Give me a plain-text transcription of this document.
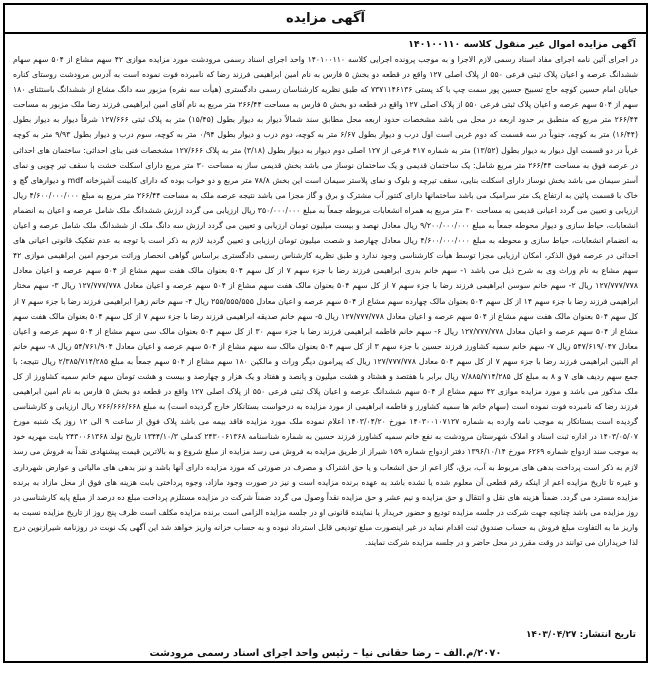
آگهی مزایده
آگهی مزایده اموال غیر منقول کلاسه ۱۴۰۱۰۰۱۱۰
در اجرای آئین نامه اجرای مفاد اسناد رسمی لازم الاجرا و به موجب پرونده اجرایی کلاسه ۱۴۰۱۰۰۱۱۰ واحد اجرای اسناد رسمی مرودشت مورد مزایده موازی ۴۲ سهم مشاع از ۵۰۴ سهم سهام ششدانگ عرصه و اعیان پلاک ثبتی فرعی ۵۵۰ از پلاک اصلی ۱۲۷ واقع در قطعه دو بخش ۵ فارس به نام امین ابراهیمی فرزند رضا که نامبرده فوت نموده است به آدرس مرودشت روستای کناره خیابان امام حسین کوچه حاج تسبیح حسین پور سمت چپ با کد پستی ۷۳۷۱۱۴۶۱۳۶ که طبق نظریه کارشناسان رسمی دادگستری (هیأت سه نفره) مزبور سه دانگ مشاع از ششدانگ باستثنای ۱۸۰ سهم از ۵۰۴ سهم عرصه و اعیان پلاک ثبتی فرعی ۵۵۰ از پلاک اصلی ۱۲۷ واقع در قطعه دو بخش ۵ فارس به مساحت ۲۶۶/۴۴ متر مربع به نام آقای امین ابراهیمی فرزند رضا ملک مزبور به مساحت ۲۶۶/۴۴ متر مربع که منطبق بر حدود اربعه در محل می باشد مشخصات حدود اربعه محل مطابق سند شمالاً دیوار به دیوار بطول (۱۵/۴۵) متر به پلاک ثبتی ۱۲۷/۶۶۶ شرقاً دیوار به دیوار بطول (۱۶/۴۴) متر به کوچه، جنوباً در سه قسمت که دوم غربی است اول درب و دیوار بطول ۶/۶۷ متر به کوچه، دوم درب و دیوار بطول ۰/۹۴ متر به کوچه، سوم درب و دیوار بطول ۹/۹۳ متر به کوچه غرباً در دو قسمت اول دیوار به دیوار بطول (۱۳/۵۲) متر به شماره ۴۱۷ فرعی از ۱۲۷ اصلی دوم دیوار به دیوار بطول (۳/۱۸) متر به پلاک ۱۲۷/۶۶۶ مشخصات فنی بنای احداثی: ساختمان های احداثی در عرصه فوق به مساحت ۲۶۶/۴۴ متر مربع شامل: یک ساختمان قدیمی و یک ساختمان نوساز می باشد بخش قدیمی ساز به مساحت ۳۰ متر مربع دارای اسکلت خشت با سقف تیر چوبی و نمای آستر سیمان می باشد بخش نوساز دارای اسکلت بنایی، سقف تیرچه و بلوک و نمای پلاستر سیمان است این بخش ۷۸/۸ متر مربع و دو خواب بوده که دارای کابینت آشپزخانه mdf و دیوارهای گچ و خاک با قسمت پائین به ارتفاع یک متر سرامیک می باشد ساختمانها دارای کنتور آب مشترک و برق و گاز مجزا می باشد نتیجه عرصه ملک به مساحت ۲۶۶/۴۴ متر مربع به مبلغ ۴/۶۰۰/۰۰۰/۰۰۰ ریال ارزیابی و تعیین می گردد اعیانی قدیمی به مساحت ۳۰ متر مربع به همراه انشعابات مربوطه جمعاً به مبلغ ۳۵۰/۰۰۰/۰۰۰ ریال ارزیابی می گردد ارزش ششدانگ ملک شامل عرصه و اعیان به انضمام انشعابات، حیاط سازی و دیوار محوطه جمعاً به مبلغ ۹/۲۰۰/۰۰۰/۰۰۰ ریال معادل نهصد و بیست میلیون تومان ارزیابی و تعیین می گردد ارزش سه دانگ ملک از ششدانگ ملک شامل عرصه و اعیان به انضمام انشعابات، حیاط سازی و محوطه به مبلغ ۴/۶۰۰/۰۰۰/۰۰۰ ریال معادل چهارصد و شصت میلیون تومان ارزیابی و تعیین گردید لازم به ذکر است با توجه به عدم تفکیک قانونی اعیانی های احداثی در عرصه فوق الذکر، امکان ارزیابی مجزا توسط هیأت کارشناسی وجود ندارد و طبق نظریه کارشناس رسمی دادگستری براساس گواهی انحصار وراثت مرحوم امین ابراهیمی موازی ۴۲ سهم مشاع به نام وراث وی به شرح ذیل می باشد ۱- سهم خانم بدری ابراهیمی فرزند رضا با جزء سهم ۷ از کل سهم ۵۰۴ بعنوان مالک هفت سهم مشاع از ۵۰۴ سهم عرصه و اعیان معادل ۱۲۷/۷۷۷/۷۷۸ ریال ۲- سهم خانم سوسن ابراهیمی فرزند رضا با جزء سهم ۷ از کل سهم ۵۰۴ بعنوان مالک هفت سهم مشاع از ۵۰۴ سهم عرصه و اعیان معادل ۱۲۷/۷۷۷/۷۷۸ ریال ۳- سهم مختار ابراهیمی فرزند رضا با جزء سهم ۱۴ از کل سهم ۵۰۴ بعنوان مالک چهارده سهم مشاع از ۵۰۴ سهم عرصه و اعیان معادل ۲۵۵/۵۵۵/۵۵۵ ریال ۴- سهم خانم زهرا ابراهیمی فرزند رضا با جزء سهم ۷ از کل سهم ۵۰۴ بعنوان مالک هفت سهم مشاع از ۵۰۴ سهم عرصه و اعیان معادل ۱۲۷/۷۷۷/۷۷۸ ریال ۵- سهم خانم صدیقه ابراهیمی فرزند رضا با جزء سهم ۷ از کل سهم ۵۰۴ بعنوان مالک هفت سهم مشاع از ۵۰۴ سهم عرصه و اعیان معادل ۱۲۷/۷۷۷/۷۷۸ ریال ۶- سهم خانم فاطمه ابراهیمی فرزند رضا با جزء سهم ۳۰ از کل سهم ۵۰۴ بعنوان مالک سی سهم مشاع از ۵۰۴ سهم عرصه و اعیان معادل ۵۴۷/۶۱۹/۰۴۷ ریال ۷- سهم خانم سمیه کشاورز فرزند حسین با جزء سهم ۳ از کل سهم ۵۰۴ بعنوان مالک سه سهم مشاع از ۵۰۴ سهم عرصه و اعیان معادل ۵۴/۷۶۱/۹۰۴ ریال ۸- سهم خانم ام البنین ابراهیمی فرزند رضا با جزء سهم ۷ از کل سهم ۵۰۴ معادل ۱۲۷/۷۷۷/۷۷۸ ریال که پیرامون دیگر وراث و مالکین ۱۸۰ سهم مشاع از ۵۰۴ سهم جمعاً به مبلغ ۲/۳۸۵/۷۱۴/۲۸۵ ریال نتیجه: با جمع سهم ردیف های ۷ و ۸ به مبلغ کل ۷/۸۸۵/۷۱۴/۲۸۵ ریال برابر با هفتصد و هشتاد و هشت میلیون و پانصد و هفتاد و یک هزار و چهارصد و بیست و هشت تومان سهم خانم سمیه کشاورز از کل ملک مذکور می باشد و مورد مزایده موازی ۴۲ سهم مشاع از ۵۰۴ سهم ششدانگ عرصه و اعیان پلاک ثبتی فرعی ۵۵۰ از پلاک اصلی ۱۲۷ واقع در قطعه دو بخش ۵ فارس به نام امین ابراهیمی فرزند رضا که نامبرده فوت نموده است (سهام خانم ها سمیه کشاورز و فاطمه ابراهیمی از مورد مزایده به درخواست بستانکار خارج گردیده است) به مبلغ ۷۶۶/۶۶۶/۶۶۸ ریال ارزیابی و کارشناسی گردیده است بستانکار به موجب نامه وارده به شماره ۱۴۰۳۰۰۱۰۷۱۲۷ مورخ ۱۴۰۳/۰۴/۲۰ اعلام نموده ملک مورد مزایده فاقد بیمه می باشد پلاک فوق از ساعت ۹ الی ۱۲ روز یک شنبه مورخ ۱۴۰۳/۰۵/۰۷ در اداره ثبت اسناد و املاک شهرستان مرودشت به نفع خانم سمیه کشاورز فرزند حسین به شماره شناسنامه ۲۴۳۰۰۶۱۳۶۸ کدملی ۱۳۴۴/۱۰/۳ تاریخ تولد ۲۴۳۰۰۶۱۳۶۸ بابت مهریه خود به موجب سند ازدواج شماره ۶۲۶۹ مورخ ۱۳۹۶/۱۰/۱۴ دفتر ازدواج شماره ۱۵۹ شیراز از طریق مزایده به فروش می رسد مزایده از مبلغ شروع و به بالاترین قیمت پیشنهادی نقداً به فروش می رسد لازم به ذکر است پرداخت بدهی های مربوط به آب، برق، گاز اعم از حق انشعاب و یا حق اشتراک و مصرف در صورتی که مورد مزایده دارای آنها باشد و نیز بدهی های مالیاتی و عوارض شهرداری و غیره تا تاریخ مزایده اعم از اینکه رقم قطعی آن معلوم شده یا نشده باشد به عهده برنده مزایده است و نیز در صورت وجود مازاد، وجوه پرداختی بابت هزینه های فوق از محل مازاد به برنده مزایده مسترد می گردد. ضمناً هزینه های نقل و انتقال و حق مزایده و نیم عشر و حق مزایده نقداً وصول می گردد ضمناً شرکت در مزایده مستلزم پرداخت مبلغ ده درصد از مبلغ پایه کارشناسی در روز مزایده می باشد چنانچه جهت شرکت در جلسه مزایده تودیع و حضور خریدار یا نماینده قانونی او در جلسه مزایده الزامی است برنده مزایده مکلف است ظرف پنج روز از تاریخ مزایده نسبت به واریز ما به التفاوت مبلغ فروش به حساب صندوق ثبت اقدام نماید در غیر اینصورت مبلغ تودیعی قابل استرداد نبوده و به حساب خزانه واریز خواهد شد این آگهی یک نوبت در روزنامه شیرازنوین درج لذا خریداران می توانند در وقت مقرر در محل حاضر و در جلسه مزایده شرکت نمایند.
تاریخ انتشار: ۱۴۰۳/۰۴/۲۷
۲۰۷۰/م.الف – رضا حقانی نیا – رئیس واحد اجرای اسناد رسمی مرودشت
